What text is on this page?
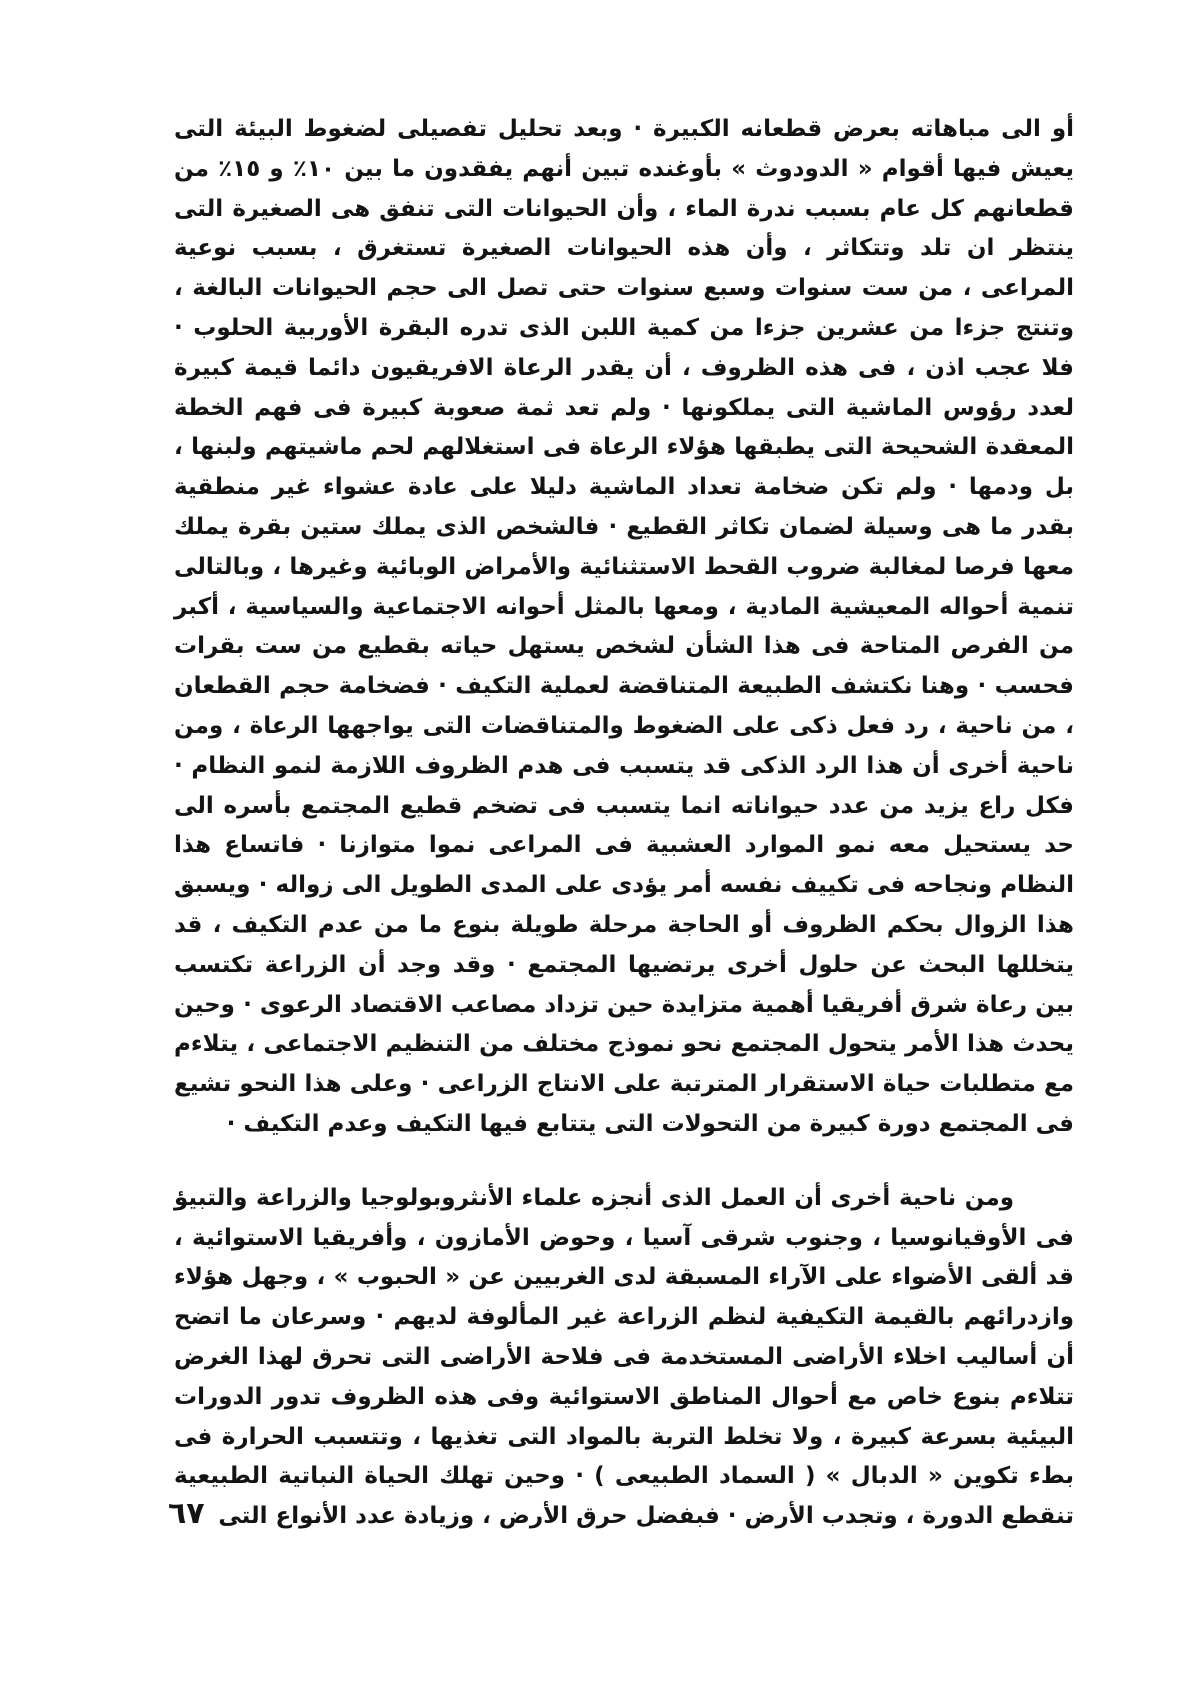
أو الى مباهاته بعرض قطعانه الكبيرة · وبعد تحليل تفصيلى لضغوط البيئة التى يعيش فيها أقوام « الدودوث » بأوغنده تبين أنهم يفقدون ما بين ١٠٪ و ١٥٪ من قطعانهم كل عام بسبب ندرة الماء ، وأن الحيوانات التى تنفق هى الصغيرة التى ينتظر ان تلد وتتكاثر ، وأن هذه الحيوانات الصغيرة تستغرق ، بسبب نوعية المراعى ، من ست سنوات وسبع سنوات حتى تصل الى حجم الحيوانات البالغة ، وتنتج جزءا من عشرين جزءا من كمية اللبن الذى تدره البقرة الأوربية الحلوب · فلا عجب اذن ، فى هذه الظروف ، أن يقدر الرعاة الافريقيون دائما قيمة كبيرة لعدد رؤوس الماشية التى يملكونها · ولم تعد ثمة صعوبة كبيرة فى فهم الخطة المعقدة الشحيحة التى يطبقها هؤلاء الرعاة فى استغلالهم لحم ماشيتهم ولبنها ، بل ودمها · ولم تكن ضخامة تعداد الماشية دليلا على عادة عشواء غير منطقية بقدر ما هى وسيلة لضمان تكاثر القطيع · فالشخص الذى يملك ستين بقرة يملك معها فرصا لمغالبة ضروب القحط الاستثنائية والأمراض الوبائية وغيرها ، وبالتالى تنمية أحواله المعيشية المادية ، ومعها بالمثل أحوانه الاجتماعية والسياسية ، أكبر من الفرص المتاحة فى هذا الشأن لشخص يستهل حياته بقطيع من ست بقرات فحسب · وهنا نكتشف الطبيعة المتناقضة لعملية التكيف · فضخامة حجم القطعان ، من ناحية ، رد فعل ذكى على الضغوط والمتناقضات التى يواجهها الرعاة ، ومن ناحية أخرى أن هذا الرد الذكى قد يتسبب فى هدم الظروف اللازمة لنمو النظام · فكل راع يزيد من عدد حيواناته انما يتسبب فى تضخم قطيع المجتمع بأسره الى حد يستحيل معه نمو الموارد العشبية فى المراعى نموا متوازنا · فاتساع هذا النظام ونجاحه فى تكييف نفسه أمر يؤدى على المدى الطويل الى زواله · ويسبق هذا الزوال بحكم الظروف أو الحاجة مرحلة طويلة بنوع ما من عدم التكيف ، قد يتخللها البحث عن حلول أخرى يرتضيها المجتمع · وقد وجد أن الزراعة تكتسب بين رعاة شرق أفريقيا أهمية متزايدة حين تزداد مصاعب الاقتصاد الرعوى · وحين يحدث هذا الأمر يتحول المجتمع نحو نموذج مختلف من التنظيم الاجتماعى ، يتلاءم مع متطلبات حياة الاستقرار المترتبة على الانتاج الزراعى · وعلى هذا النحو تشيع فى المجتمع دورة كبيرة من التحولات التى يتتابع فيها التكيف وعدم التكيف ·

ومن ناحية أخرى أن العمل الذى أنجزه علماء الأنثروبولوجيا والزراعة والتبيؤ فى الأوقيانوسيا ، وجنوب شرقى آسيا ، وحوض الأمازون ، وأفريقيا الاستوائية ، قد ألقى الأضواء على الآراء المسبقة لدى الغربيين عن « الحبوب » ، وجهل هؤلاء وازدرائهم بالقيمة التكيفية لنظم الزراعة غير المألوفة لديهم · وسرعان ما اتضح أن أساليب اخلاء الأراضى المستخدمة فى فلاحة الأراضى التى تحرق لهذا الغرض تتلاءم بنوع خاص مع أحوال المناطق الاستوائية وفى هذه الظروف تدور الدورات البيئية بسرعة كبيرة ، ولا تخلط التربة بالمواد التى تغذيها ، وتتسبب الحرارة فى بطء تكوين « الدبال » ( السماد الطبيعى ) · وحين تهلك الحياة النباتية الطبيعية تنقطع الدورة ، وتجدب الأرض · فبفضل حرق الأرض ، وزيادة عدد الأنواع التى

٦٧
